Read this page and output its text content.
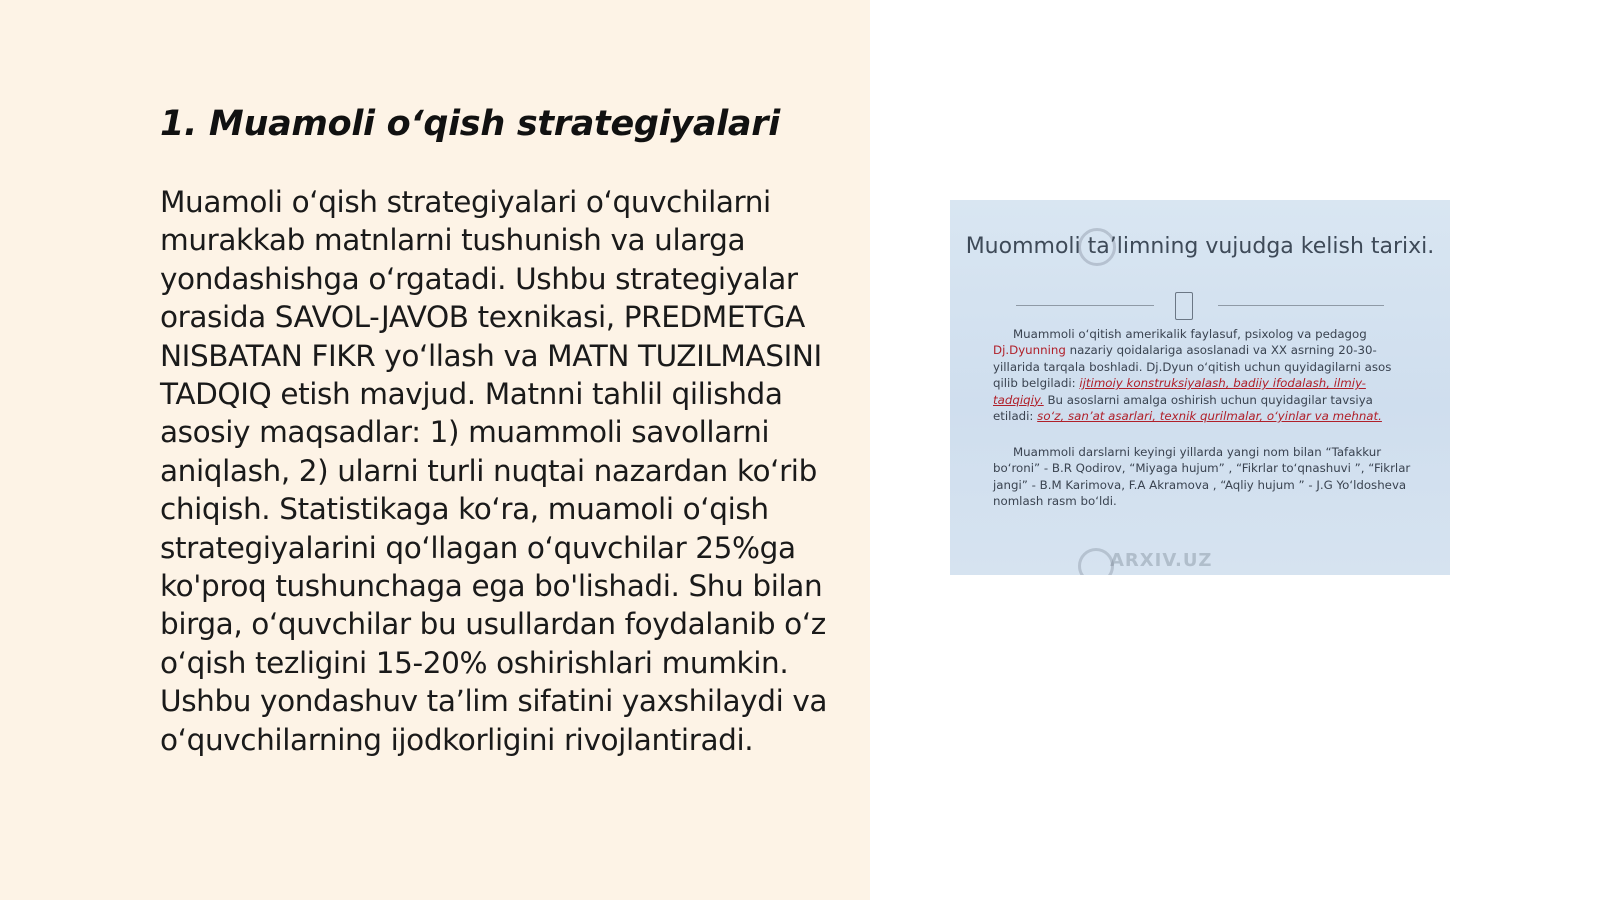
1. Muamoli o‘qish strategiyalari

Muamoli o‘qish strategiyalari o‘quvchilarni murakkab matnlarni tushunish va ularga yondashishga o‘rgatadi. Ushbu strategiyalar orasida SAVOL-JAVOB texnikasi, PREDMETGA NISBATAN FIKR yo‘llash va MATN TUZILMASINI TADQIQ etish mavjud. Matnni tahlil qilishda asosiy maqsadlar: 1) muammoli savollarni aniqlash, 2) ularni turli nuqtai nazardan ko‘rib chiqish. Statistikaga ko‘ra, muamoli o‘qish strategiyalarini qo‘llagan o‘quvchilar 25%ga ko'proq tushunchaga ega bo'lishadi. Shu bilan birga, o‘quvchilar bu usullardan foydalanib o‘z o‘qish tezligini 15-20% oshirishlari mumkin. Ushbu yondashuv ta’lim sifatini yaxshilaydi va o‘quvchilarning ijodkorligini rivojlantiradi.

Muommoli ta’limning vujudga kelish tarixi.

Muammoli o‘qitish amerikalik faylasuf, psixolog va pedagog Dj.Dyunning nazariy qoidalariga asoslanadi va XX asrning 20-30-yillarida tarqala boshladi. Dj.Dyun o‘qitish uchun quyidagilarni asos qilib belgiladi: ijtimoiy konstruksiyalash, badiiy ifodalash, ilmiy-tadqiqiy. Bu asoslarni amalga oshirish uchun quyidagilar tavsiya etiladi: so‘z, san’at asarlari, texnik qurilmalar, o‘yinlar va mehnat.

Muammoli darslarni keyingi yillarda yangi nom bilan “Tafakkur bo‘roni” - B.R Qodirov, “Miyaga hujum” , “Fikrlar to‘qnashuvi ”, “Fikrlar jangi” - B.M Karimova, F.A Akramova , “Aqliy hujum ” - J.G Yo‘ldosheva nomlash rasm bo‘ldi.

ARXIV.UZ
